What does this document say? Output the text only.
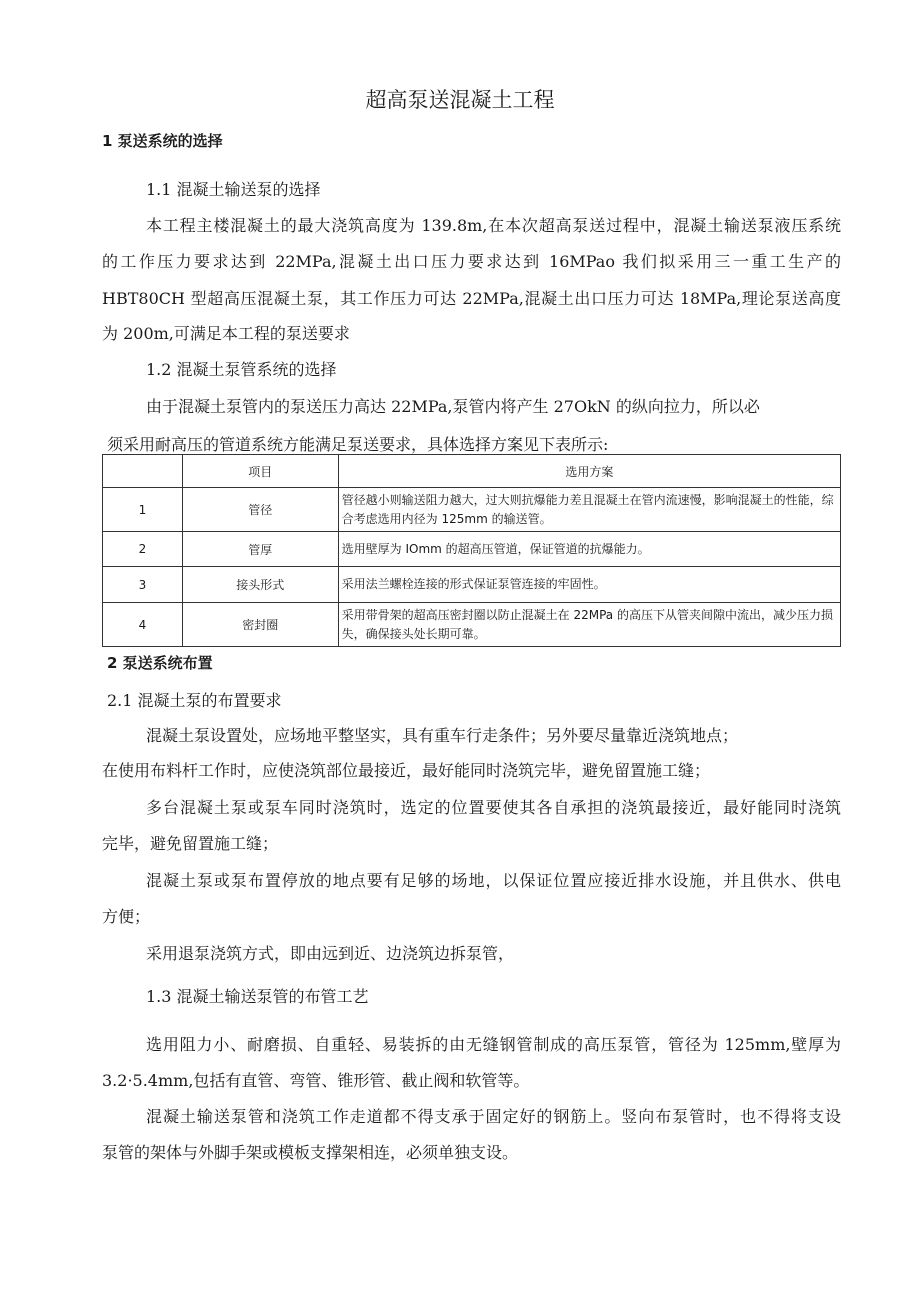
超高泵送混凝土工程
1 泵送系统的选择
1.1 混凝土输送泵的选择
本工程主楼混凝土的最大浇筑高度为 139.8m,在本次超高泵送过程中，混凝土输送泵液压系统
的工作压力要求达到 22MPa,混凝土出口压力要求达到 16MPao 我们拟采用三一重工生产的
HBT80CH 型超高压混凝土泵，其工作压力可达 22MPa,混凝土出口压力可达 18MPa,理论泵送高度
为 200m,可满足本工程的泵送要求
1.2 混凝土泵管系统的选择
由于混凝土泵管内的泵送压力高达 22MPa,泵管内将产生 27OkN 的纵向拉力，所以必
须采用耐高压的管道系统方能满足泵送要求，具体选择方案见下表所示:
	项目	选用方案
1	管径	管径越小则输送阻力越大，过大则抗爆能力差且混凝土在管内流速慢，影响混凝土的性能，综合考虑选用内径为 125mm 的输送管。
2	管厚	选用壁厚为 IOmm 的超高压管道，保证管道的抗爆能力。
3	接头形式	采用法兰螺栓连接的形式保证泵管连接的牢固性。
4	密封圈	采用带骨架的超高压密封圈以防止混凝土在 22MPa 的高压下从管夹间隙中流出，减少压力损失，确保接头处长期可靠。
2 泵送系统布置
2.1 混凝土泵的布置要求
混凝土泵设置处，应场地平整坚实，具有重车行走条件；另外要尽量靠近浇筑地点；
在使用布料杆工作时，应使浇筑部位最接近，最好能同时浇筑完毕，避免留置施工缝；
多台混凝土泵或泵车同时浇筑时，选定的位置要使其各自承担的浇筑最接近，最好能同时浇筑
完毕，避免留置施工缝；
混凝土泵或泵布置停放的地点要有足够的场地，以保证位置应接近排水设施，并且供水、供电
方便；
采用退泵浇筑方式，即由远到近、边浇筑边拆泵管，
1.3 混凝土输送泵管的布管工艺
选用阻力小、耐磨损、自重轻、易装拆的由无缝钢管制成的高压泵管，管径为 125mm,壁厚为
3.2·5.4mm,包括有直管、弯管、锥形管、截止阀和软管等。
混凝土输送泵管和浇筑工作走道都不得支承于固定好的钢筋上。竖向布泵管时，也不得将支设
泵管的架体与外脚手架或模板支撑架相连，必须单独支设。
